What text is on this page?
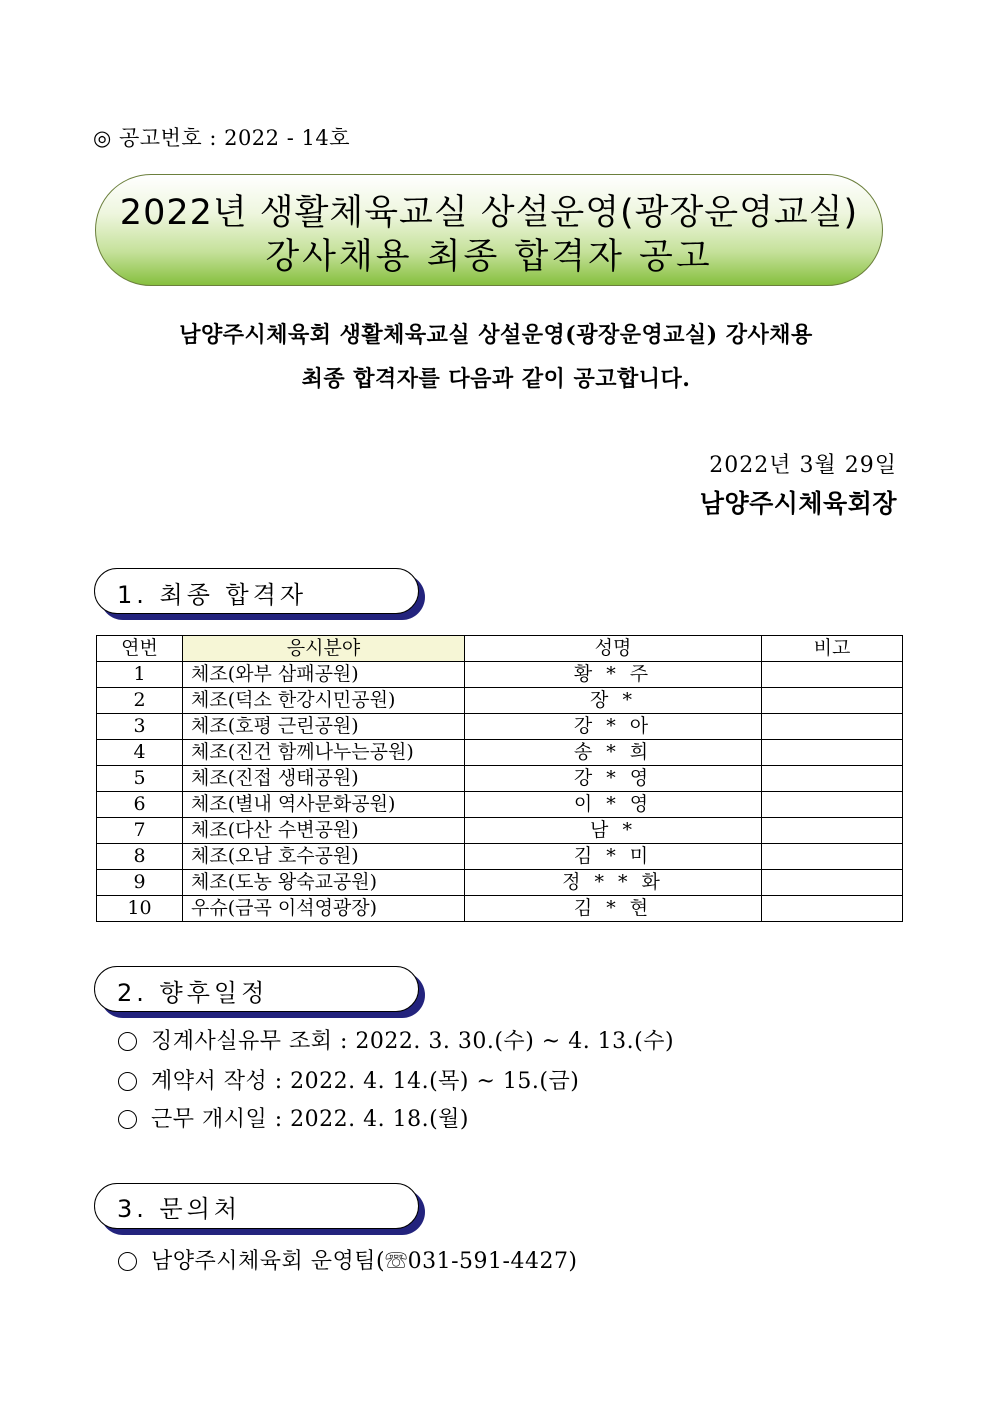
◎ 공고번호 : 2022 - 14호
2022년 생활체육교실 상설운영(광장운영교실)
강사채용 최종 합격자 공고
남양주시체육회 생활체육교실 상설운영(광장운영교실) 강사채용
최종 합격자를 다음과 같이 공고합니다.
2022년 3월 29일
남양주시체육회장
1. 최종 합격자
연번	응시분야	성명	비고
1	체조(와부 삼패공원)	황 * 주	
2	체조(덕소 한강시민공원)	장 *	
3	체조(호평 근린공원)	강 * 아	
4	체조(진건 함께나누는공원)	송 * 희	
5	체조(진접 생태공원)	강 * 영	
6	체조(별내 역사문화공원)	이 * 영	
7	체조(다산 수변공원)	남 *	
8	체조(오남 호수공원)	김 * 미	
9	체조(도농 왕숙교공원)	정 * * 화	
10	우슈(금곡 이석영광장)	김 * 현	
2. 향후일정
징계사실유무 조회 : 2022. 3. 30.(수) ~ 4. 13.(수)
계약서 작성 : 2022. 4. 14.(목) ~ 15.(금)
근무 개시일 : 2022. 4. 18.(월)
3. 문의처
남양주시체육회 운영팀(☏031-591-4427)
